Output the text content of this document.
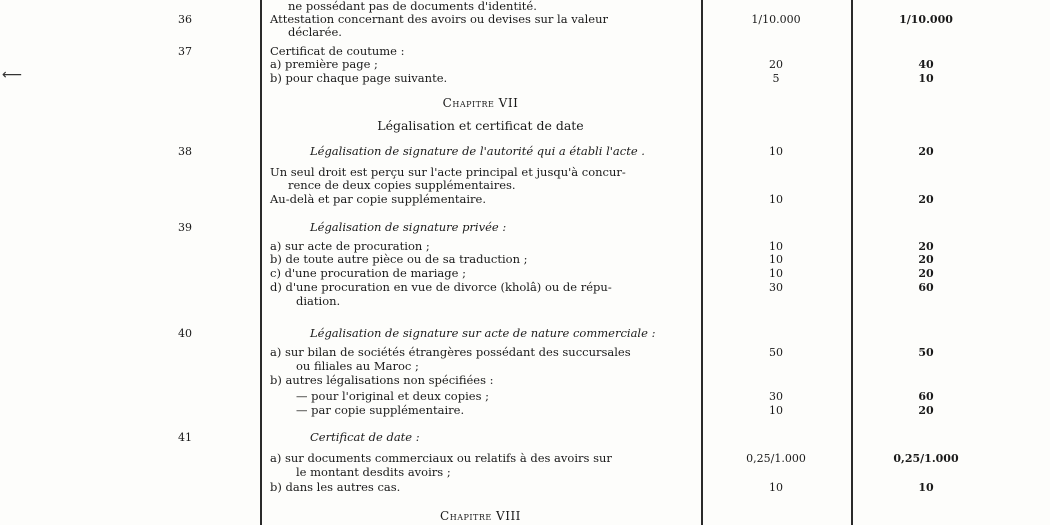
⟵
ne possédant pas de documents d'identité.
36	Attestation concernant des avoirs ou devises sur la valeur	1/10.000	1/10.000
déclarée.
37	Certificat de coutume :
a) première page ;	20	40
b) pour chaque page suivante.	5	10
38	Légalisation de signature de l'autorité qui a établi l'acte .	10	20
Un seul droit est perçu sur l'acte principal et jusqu'à concur-
rence de deux copies supplémentaires.
Au-delà et par copie supplémentaire.	10	20
39	Légalisation de signature privée :
a) sur acte de procuration ;	10	20
b) de toute autre pièce ou de sa traduction ;	10	20
c) d'une procuration de mariage ;	10	20
d) d'une procuration en vue de divorce (kholâ) ou de répu-	30	60
diation.
40	Légalisation de signature sur acte de nature commerciale :
a) sur bilan de sociétés étrangères possédant des succursales	50	50
ou filiales au Maroc ;
b) autres légalisations non spécifiées :
— pour l'original et deux copies ;	30	60
— par copie supplémentaire.	10	20
41	Certificat de date :
a) sur documents commerciaux ou relatifs à des avoirs sur	0,25/1.000	0,25/1.000
le montant desdits avoirs ;
b) dans les autres cas.	10	10
Chapitre VII
Légalisation et certificat de date
Chapitre VIII
